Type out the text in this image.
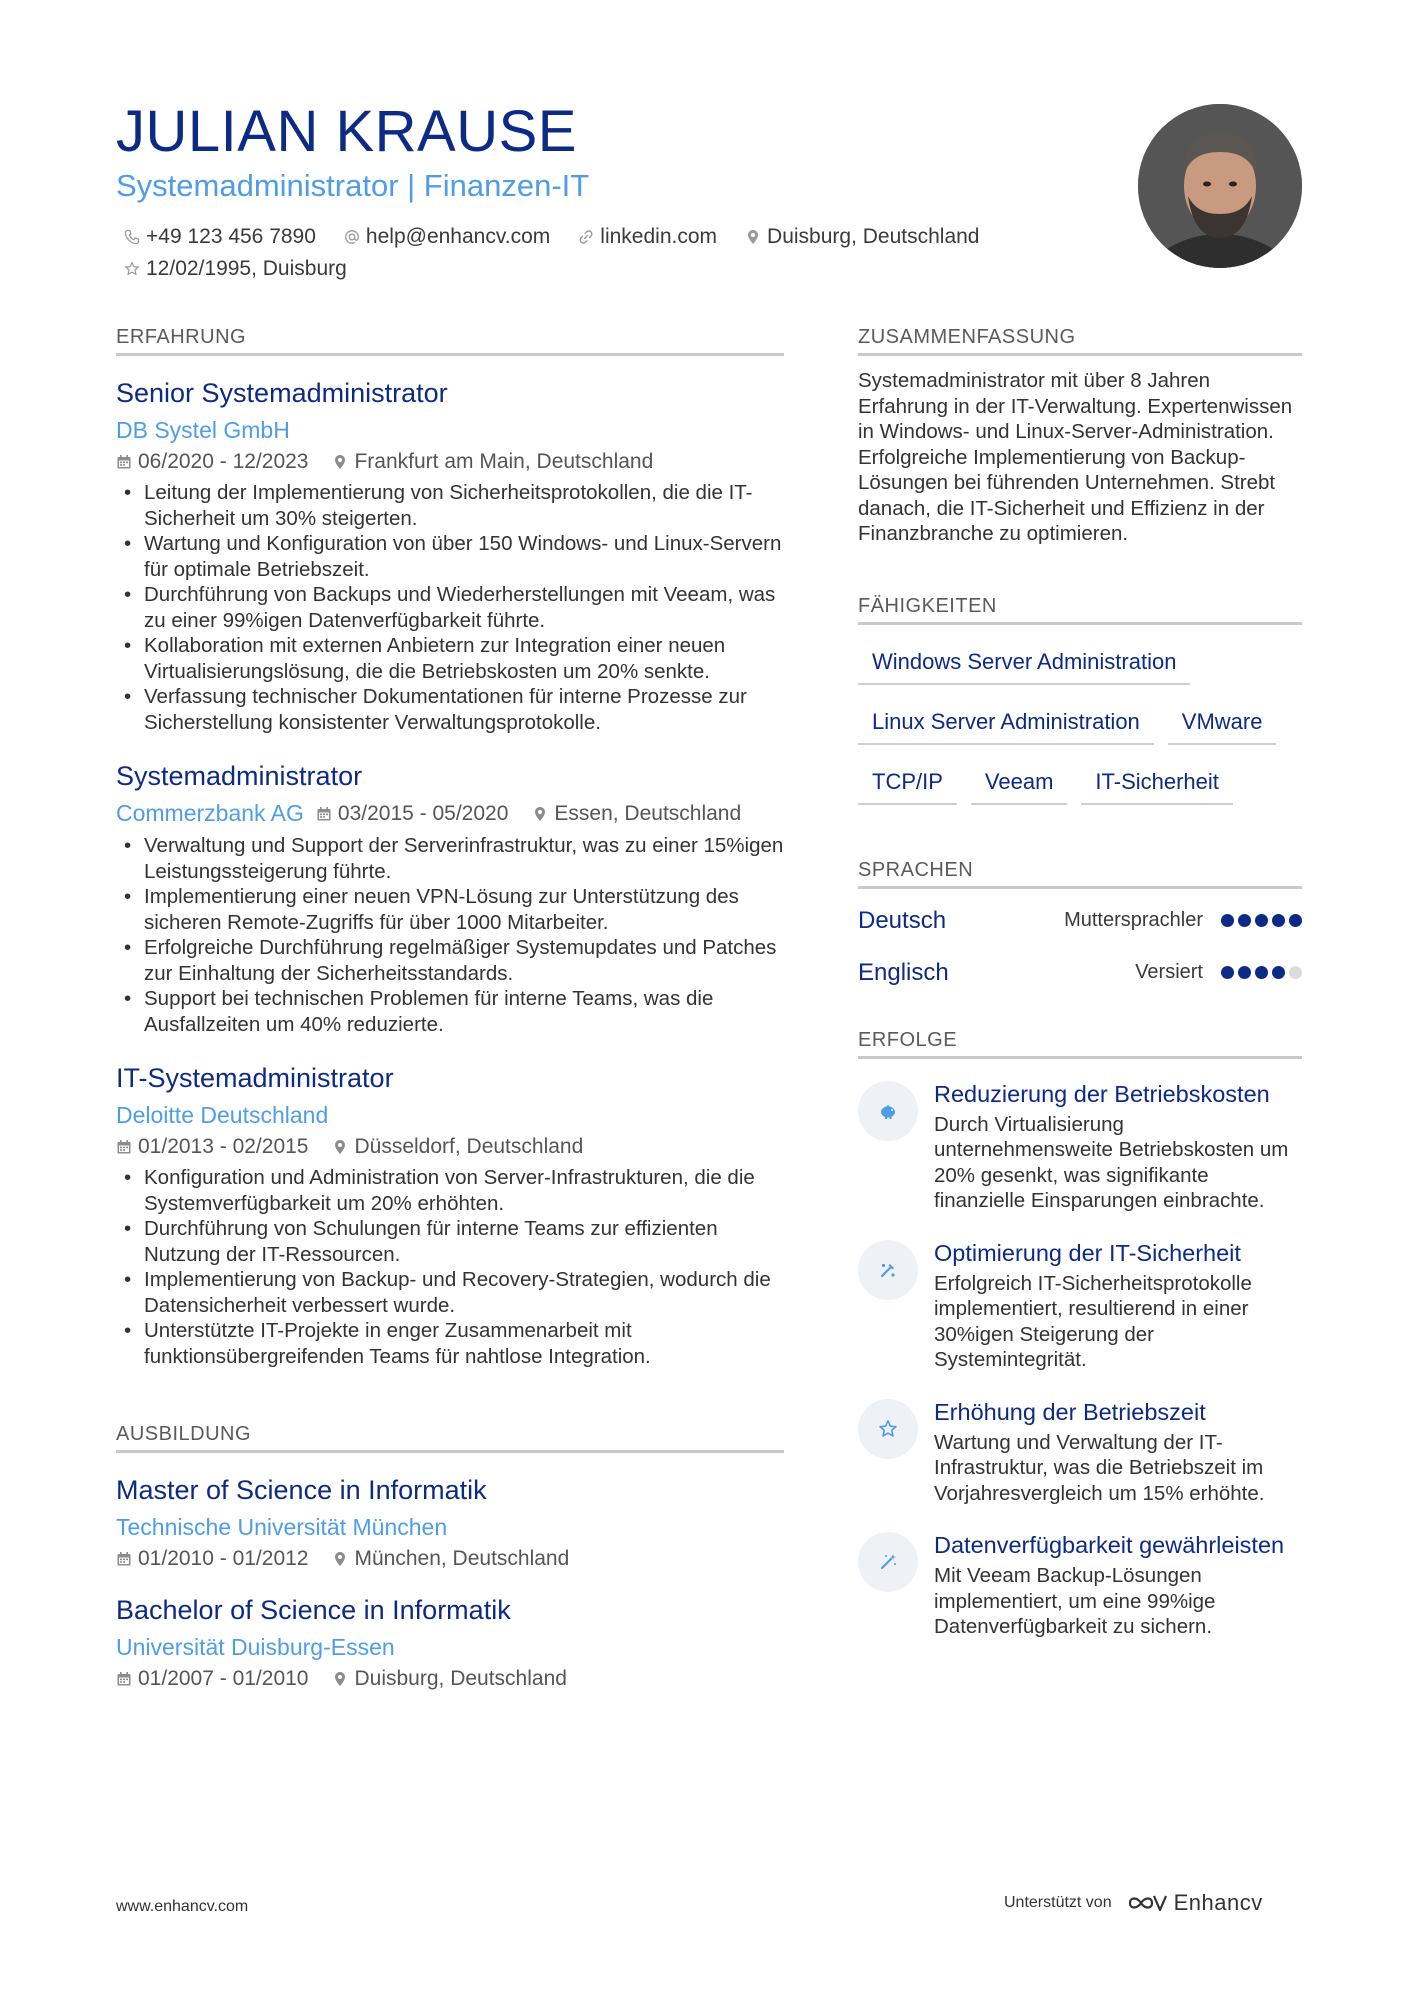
JULIAN KRAUSE
Systemadministrator | Finanzen-IT
+49 123 456 7890 help@enhancv.com linkedin.com Duisburg, Deutschland
12/02/1995, Duisburg
ERFAHRUNG
Senior Systemadministrator
DB Systel GmbH
06/2020 - 12/2023 Frankfurt am Main, Deutschland
• Leitung der Implementierung von Sicherheitsprotokollen, die die IT-Sicherheit um 30% steigerten.
• Wartung und Konfiguration von über 150 Windows- und Linux-Servern für optimale Betriebszeit.
• Durchführung von Backups und Wiederherstellungen mit Veeam, was zu einer 99%igen Datenverfügbarkeit führte.
• Kollaboration mit externen Anbietern zur Integration einer neuen Virtualisierungslösung, die die Betriebskosten um 20% senkte.
• Verfassung technischer Dokumentationen für interne Prozesse zur Sicherstellung konsistenter Verwaltungsprotokolle.
Systemadministrator
Commerzbank AG 03/2015 - 05/2020 Essen, Deutschland
• Verwaltung und Support der Serverinfrastruktur, was zu einer 15%igen Leistungssteigerung führte.
• Implementierung einer neuen VPN-Lösung zur Unterstützung des sicheren Remote-Zugriffs für über 1000 Mitarbeiter.
• Erfolgreiche Durchführung regelmäßiger Systemupdates und Patches zur Einhaltung der Sicherheitsstandards.
• Support bei technischen Problemen für interne Teams, was die Ausfallzeiten um 40% reduzierte.
IT-Systemadministrator
Deloitte Deutschland
01/2013 - 02/2015 Düsseldorf, Deutschland
• Konfiguration und Administration von Server-Infrastrukturen, die die Systemverfügbarkeit um 20% erhöhten.
• Durchführung von Schulungen für interne Teams zur effizienten Nutzung der IT-Ressourcen.
• Implementierung von Backup- und Recovery-Strategien, wodurch die Datensicherheit verbessert wurde.
• Unterstützte IT-Projekte in enger Zusammenarbeit mit funktionsübergreifenden Teams für nahtlose Integration.
AUSBILDUNG
Master of Science in Informatik
Technische Universität München
01/2010 - 01/2012 München, Deutschland
Bachelor of Science in Informatik
Universität Duisburg-Essen
01/2007 - 01/2010 Duisburg, Deutschland
ZUSAMMENFASSUNG
Systemadministrator mit über 8 Jahren Erfahrung in der IT-Verwaltung. Expertenwissen in Windows- und Linux-Server-Administration. Erfolgreiche Implementierung von Backup-Lösungen bei führenden Unternehmen. Strebt danach, die IT-Sicherheit und Effizienz in der Finanzbranche zu optimieren.
FÄHIGKEITEN
Windows Server Administration
Linux Server Administration	VMware
TCP/IP	Veeam	IT-Sicherheit
SPRACHEN
Deutsch	Muttersprachler
Englisch	Versiert
ERFOLGE
Reduzierung der Betriebskosten
Durch Virtualisierung unternehmensweite Betriebskosten um 20% gesenkt, was signifikante finanzielle Einsparungen einbrachte.
Optimierung der IT-Sicherheit
Erfolgreich IT-Sicherheitsprotokolle implementiert, resultierend in einer 30%igen Steigerung der Systemintegrität.
Erhöhung der Betriebszeit
Wartung und Verwaltung der IT-Infrastruktur, was die Betriebszeit im Vorjahresvergleich um 15% erhöhte.
Datenverfügbarkeit gewährleisten
Mit Veeam Backup-Lösungen implementiert, um eine 99%ige Datenverfügbarkeit zu sichern.
www.enhancv.com	Unterstützt von	Enhancv
